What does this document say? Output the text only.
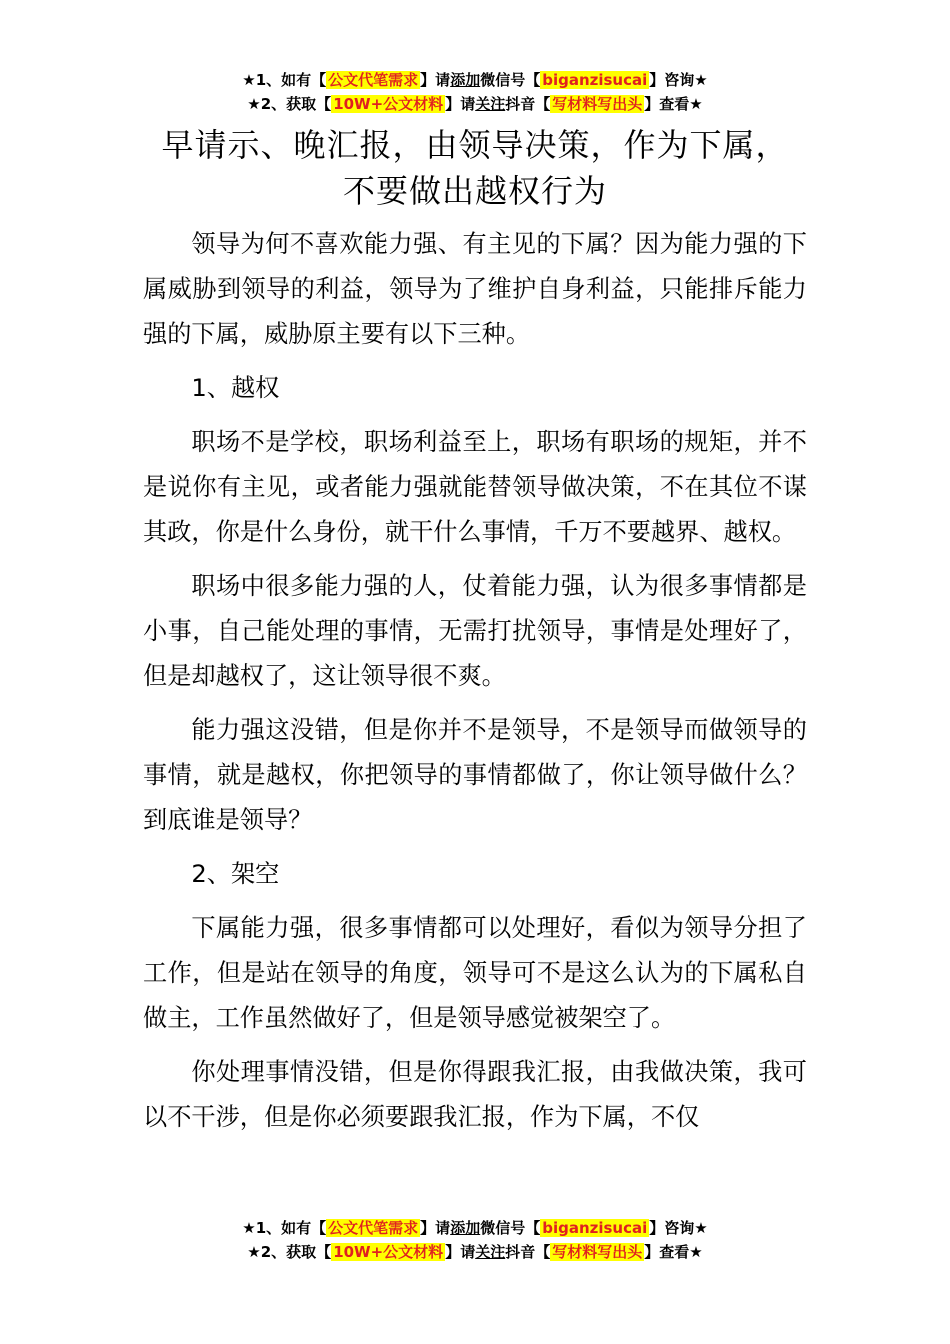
★1、如有【 公文代笔需求 】请添加微信号【 biganzisucai 】咨询★
★2、获取【 10W+公文材料 】请关注抖音【 写材料写出头 】查看★
早请示、晚汇报，由领导决策，作为下属，
不要做出越权行为

领导为何不喜欢能力强、有主见的下属？因为能力强的下属威胁到领导的利益，领导为了维护自身利益，只能排斥能力强的下属，威胁原主要有以下三种。

1、越权

职场不是学校，职场利益至上，职场有职场的规矩，并不是说你有主见，或者能力强就能替领导做决策，不在其位不谋其政，你是什么身份，就干什么事情，千万不要越界、越权。

职场中很多能力强的人，仗着能力强，认为很多事情都是小事，自己能处理的事情，无需打扰领导，事情是处理好了，但是却越权了，这让领导很不爽。

能力强这没错，但是你并不是领导，不是领导而做领导的事情，就是越权，你把领导的事情都做了，你让领导做什么？到底谁是领导？

2、架空

下属能力强，很多事情都可以处理好，看似为领导分担了工作，但是站在领导的角度，领导可不是这么认为的下属私自做主，工作虽然做好了，但是领导感觉被架空了。

你处理事情没错，但是你得跟我汇报，由我做决策，我可以不干涉，但是你必须要跟我汇报，作为下属，不仅

★1、如有【 公文代笔需求 】请添加微信号【 biganzisucai 】咨询★
★2、获取【 10W+公文材料 】请关注抖音【 写材料写出头 】查看★
